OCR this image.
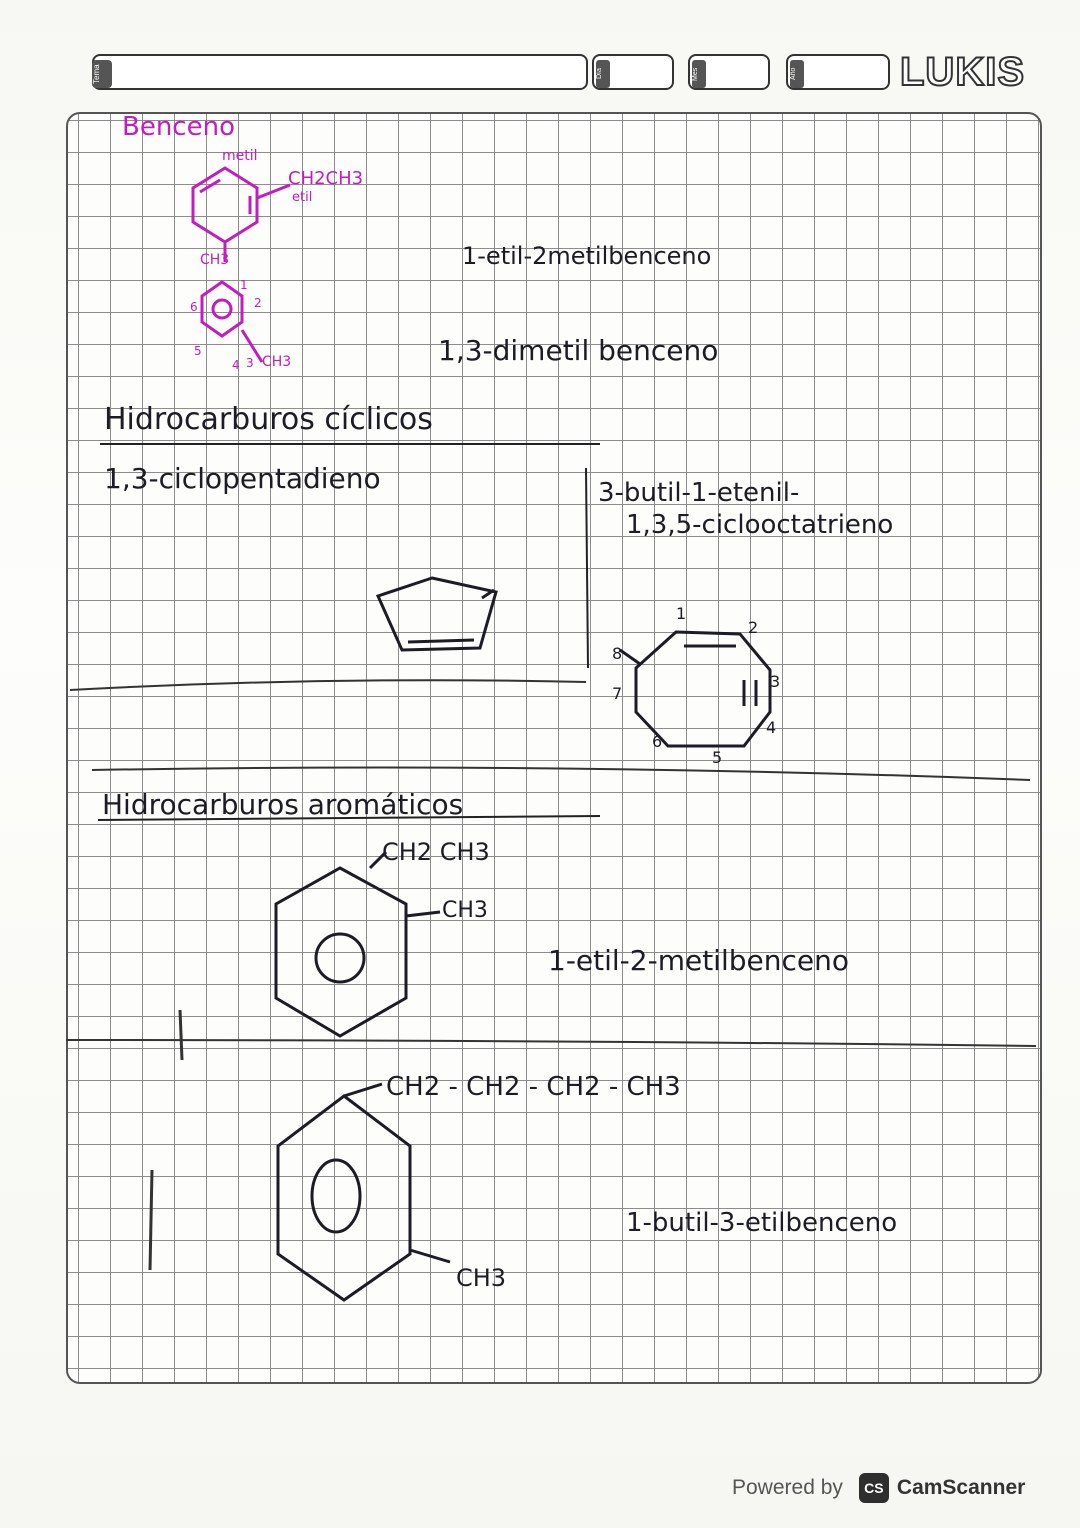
Tema	Día	Mes	Año	LUKIS
Benceno
metil
CH2CH3
etil
CH3
CH3
1
2
3
4
5
6
1-etil-2metilbenceno
1,3-dimetil benceno
Hidrocarburos cíclicos
1,3-ciclopentadieno	3-butil-1-etenil-
1,3,5-ciclooctatrieno
1
2
3
4
5
6
7
8
Hidrocarburos aromáticos
CH2 CH3
CH3
1-etil-2-metilbenceno
CH2 - CH2 - CH2 - CH3
CH3
1-butil-3-etilbenceno
Powered by	CS CamScanner
